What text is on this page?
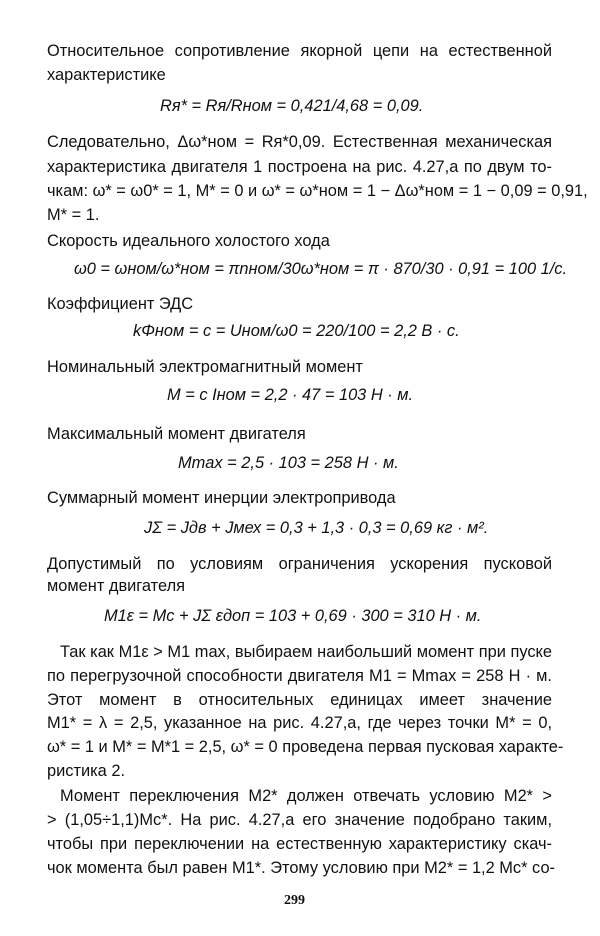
Относительное сопротивление якорной цепи на естественной
характеристике
Rя* = Rя/Rном = 0,421/4,68 = 0,09.
Следовательно, Δω*ном = Rя*0,09. Естественная механическая
характеристика двигателя 1 построена на рис. 4.27,а по двум то-
чкам: ω* = ω0* = 1, M* = 0 и ω* = ω*ном = 1 − Δω*ном = 1 − 0,09 = 0,91,
M* = 1.
Скорость идеального холостого хода
ω0 = ωном/ω*ном = πnном/30ω*ном = π · 870/30 · 0,91 = 100 1/c.
Коэффициент ЭДС
kΦном = c = Uном/ω0 = 220/100 = 2,2 В · с.
Номинальный электромагнитный момент
M = c Iном = 2,2 · 47 = 103 Н · м.
Максимальный момент двигателя
Mmax = 2,5 · 103 = 258 Н · м.
Суммарный момент инерции электропривода
JΣ = Jдв + Jмех = 0,3 + 1,3 · 0,3 = 0,69 кг · м².
Допустимый по условиям ограничения ускорения пусковой
момент двигателя
M1ε = Mc + JΣ εдоп = 103 + 0,69 · 300 = 310 Н · м.
Так как M1ε > M1 max, выбираем наибольший момент при пуске
по перегрузочной способности двигателя M1 = Mmax = 258 Н · м.
Этот момент в относительных единицах имеет значение
M1* = λ = 2,5, указанное на рис. 4.27,а, где через точки M* = 0,
ω* = 1 и M* = M*1 = 2,5, ω* = 0 проведена первая пусковая характе-
ристика 2.
Момент переключения M2* должен отвечать условию M2* >
> (1,05÷1,1)Mc*. На рис. 4.27,а его значение подобрано таким,
чтобы при переключении на естественную характеристику скач-
чок момента был равен M1*. Этому условию при M2* = 1,2 Mc* со-
299
